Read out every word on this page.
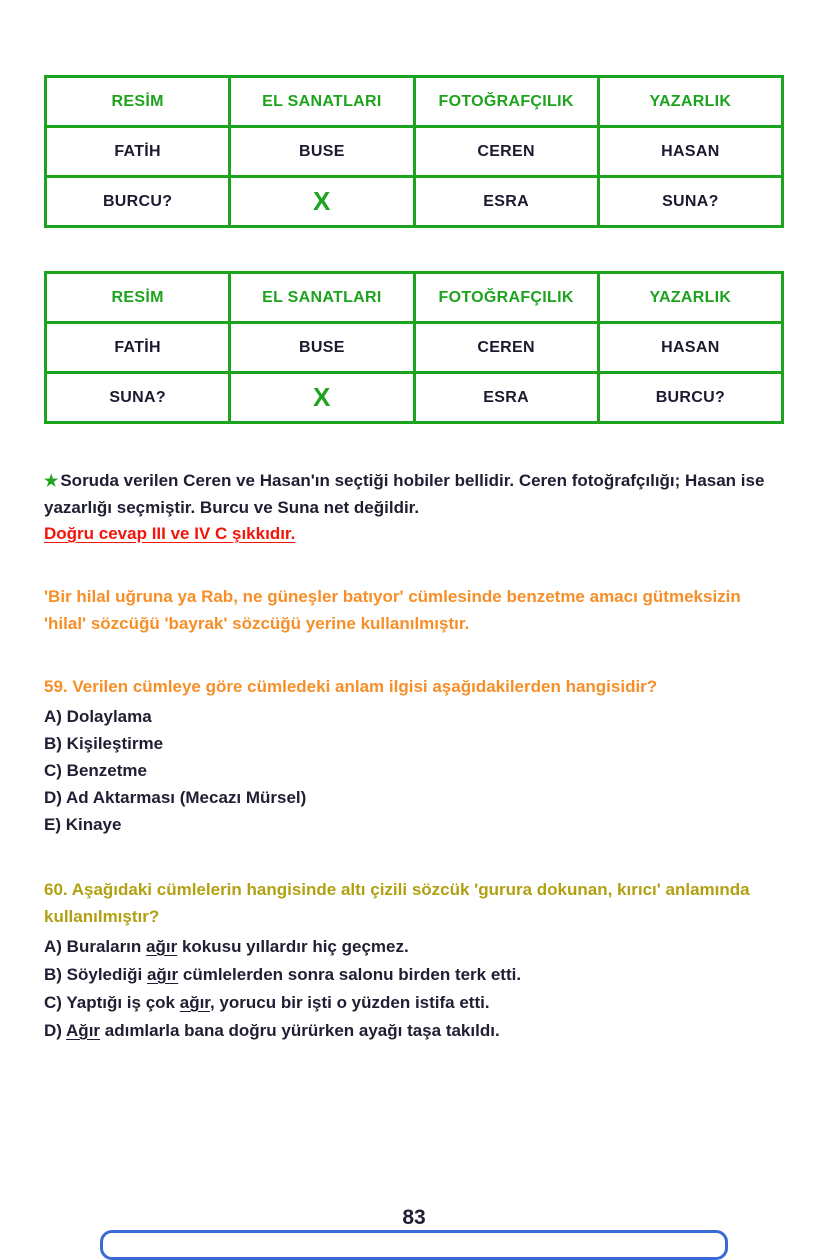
RESİM	EL SANATLARI	FOTOĞRAFÇILIK	YAZARLIK
FATİH	BUSE	CEREN	HASAN
BURCU?	X	ESRA	SUNA?
RESİM	EL SANATLARI	FOTOĞRAFÇILIK	YAZARLIK
FATİH	BUSE	CEREN	HASAN
SUNA?	X	ESRA	BURCU?
★ Soruda verilen Ceren ve Hasan'ın seçtiği hobiler bellidir. Ceren fotoğrafçılığı; Hasan ise yazarlığı seçmiştir. Burcu ve Suna net değildir.
Doğru cevap III ve IV C şıkkıdır.

'Bir hilal uğruna ya Rab, ne güneşler batıyor' cümlesinde benzetme amacı gütmeksizin 'hilal' sözcüğü 'bayrak' sözcüğü yerine kullanılmıştır.

59. Verilen cümleye göre cümledeki anlam ilgisi aşağıdakilerden hangisidir?

A) Dolaylama
B) Kişileştirme
C) Benzetme
D) Ad Aktarması (Mecazı Mürsel)
E) Kinaye

60. Aşağıdaki cümlelerin hangisinde altı çizili sözcük 'gurura dokunan, kırıcı' anlamında kullanılmıştır?

A) Buraların ağır kokusu yıllardır hiç geçmez.
B) Söylediği ağır cümlelerden sonra salonu birden terk etti.
C) Yaptığı iş çok ağır, yorucu bir işti o yüzden istifa etti.
D) Ağır adımlarla bana doğru yürürken ayağı taşa takıldı.
83
